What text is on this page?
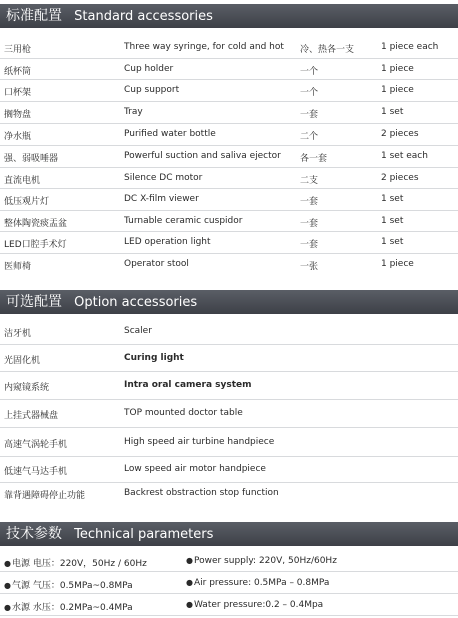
标准配置 Standard accessories
三用枪	Three way syringe, for cold and hot	冷、热各一支	1 piece each
纸杯筒	Cup holder	一个	1 piece
口杯架	Cup support	一个	1 piece
搁物盘	Tray	一套	1 set
净水瓶	Purified water bottle	二个	2 pieces
强、弱吸唾器	Powerful suction and saliva ejector	各一套	1 set each
直流电机	Silence DC motor	二支	2 pieces
低压观片灯	DC X-film viewer	一套	1 set
整体陶瓷痰盂盆	Turnable ceramic cuspidor	一套	1 set
LED口腔手术灯	LED operation light	一套	1 set
医师椅	Operator stool	一张	1 piece
可选配置 Option accessories
洁牙机	Scaler
光固化机	Curing light
内窥镜系统	Intra oral camera system
上挂式器械盘	TOP mounted doctor table
高速气涡轮手机	High speed air turbine handpiece
低速气马达手机	Low speed air motor handpiece
靠背遇障碍停止功能	Backrest obstraction stop function
技术参数 Technical parameters
●电源 电压：220V，50Hz / 60Hz	●Power supply: 220V, 50Hz/60Hz
●气源 气压：0.5MPa~0.8MPa	●Air pressure: 0.5MPa – 0.8MPa
●水源 水压：0.2MPa~0.4MPa	●Water pressure:0.2 – 0.4Mpa
